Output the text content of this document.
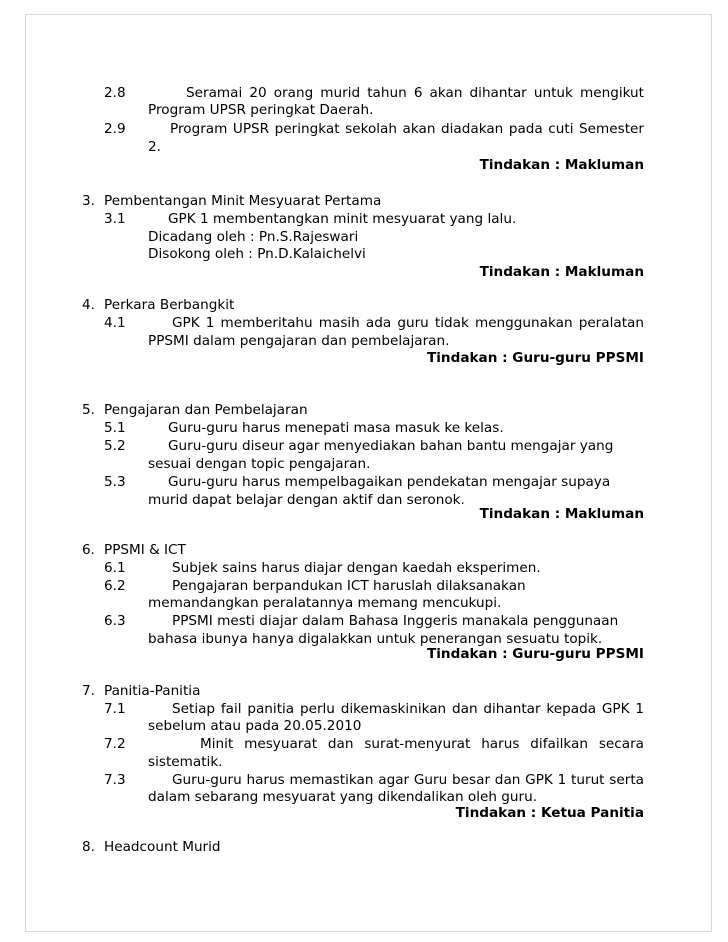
2.8	Seramai 20 orang murid tahun 6 akan dihantar untuk mengikut
Program UPSR peringkat Daerah.
2.9	Program UPSR peringkat sekolah akan diadakan pada cuti Semester
2.
Tindakan : Makluman
3. Pembentangan Minit Mesyuarat Pertama
3.1	GPK 1 membentangkan minit mesyuarat yang lalu.
Dicadang oleh : Pn.S.Rajeswari
Disokong oleh : Pn.D.Kalaichelvi
Tindakan : Makluman
4. Perkara Berbangkit
4.1	GPK 1 memberitahu masih ada guru tidak menggunakan peralatan
PPSMI dalam pengajaran dan pembelajaran.
Tindakan : Guru-guru PPSMI
5. Pengajaran dan Pembelajaran
5.1	Guru-guru harus menepati masa masuk ke kelas.
5.2	Guru-guru diseur agar menyediakan bahan bantu mengajar yang
sesuai dengan topic pengajaran.
5.3	Guru-guru harus mempelbagaikan pendekatan mengajar supaya
murid dapat belajar dengan aktif dan seronok.
Tindakan : Makluman
6. PPSMI & ICT
6.1	Subjek sains harus diajar dengan kaedah eksperimen.
6.2	Pengajaran berpandukan ICT haruslah dilaksanakan
memandangkan peralatannya memang mencukupi.
6.3	PPSMI mesti diajar dalam Bahasa Inggeris manakala penggunaan
bahasa ibunya hanya digalakkan untuk penerangan sesuatu topik.
Tindakan : Guru-guru PPSMI
7. Panitia-Panitia
7.1	Setiap fail panitia perlu dikemaskinikan dan dihantar kepada GPK 1
sebelum atau pada 20.05.2010
7.2	Minit mesyuarat dan surat-menyurat harus difailkan secara
sistematik.
7.3	Guru-guru harus memastikan agar Guru besar dan GPK 1 turut serta
dalam sebarang mesyuarat yang dikendalikan oleh guru.
Tindakan : Ketua Panitia
8. Headcount Murid
